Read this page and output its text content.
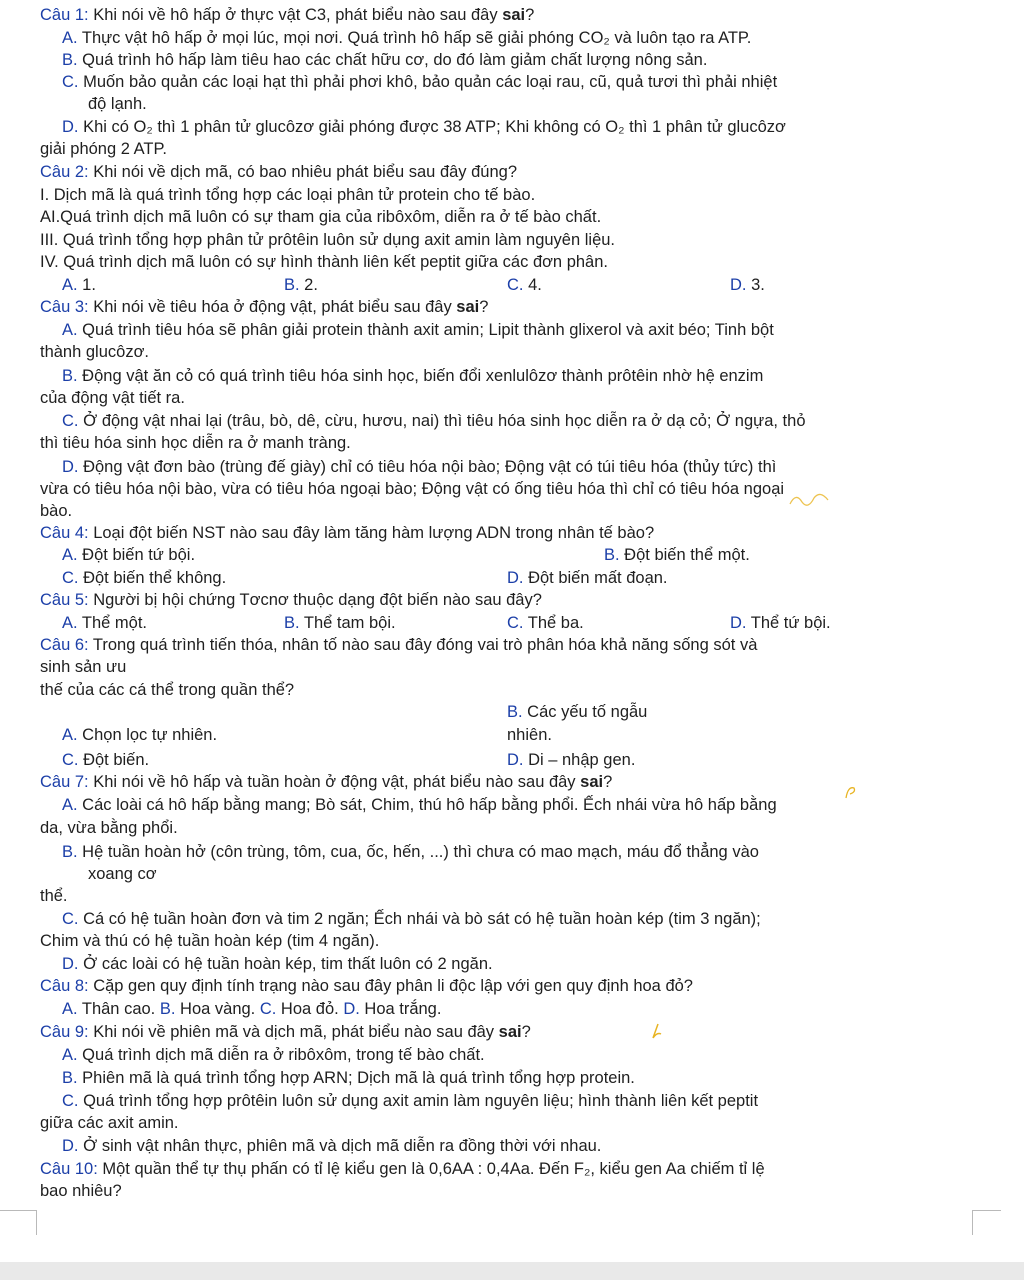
Câu 1: Khi nói về hô hấp ở thực vật C3, phát biểu nào sau đây sai?
A. Thực vật hô hấp ở mọi lúc, mọi nơi. Quá trình hô hấp sẽ giải phóng CO₂ và luôn tạo ra ATP.
B. Quá trình hô hấp làm tiêu hao các chất hữu cơ, do đó làm giảm chất lượng nông sản.
C. Muốn bảo quản các loại hạt thì phải phơi khô, bảo quản các loại rau, cũ, quả tươi thì phải nhiệt
độ lạnh.
D. Khi có O₂ thì 1 phân tử glucôzơ giải phóng được 38 ATP; Khi không có O₂ thì 1 phân tử glucôzơ
giải phóng 2 ATP.
Câu 2: Khi nói về dịch mã, có bao nhiêu phát biểu sau đây đúng?
I. Dịch mã là quá trình tổng hợp các loại phân tử protein cho tế bào.
AI.Quá trình dịch mã luôn có sự tham gia của ribôxôm, diễn ra ở tế bào chất.
III. Quá trình tổng hợp phân tử prôtêin luôn sử dụng axit amin làm nguyên liệu.
IV. Quá trình dịch mã luôn có sự hình thành liên kết peptit giữa các đơn phân.
A. 1.	B. 2.	C. 4.	D. 3.
Câu 3: Khi nói về tiêu hóa ở động vật, phát biểu sau đây sai?
A. Quá trình tiêu hóa sẽ phân giải protein thành axit amin; Lipit thành glixerol và axit béo; Tinh bột
thành glucôzơ.
B. Động vật ăn cỏ có quá trình tiêu hóa sinh học, biến đổi xenlulôzơ thành prôtêin nhờ hệ enzim
của động vật tiết ra.
C. Ở động vật nhai lại (trâu, bò, dê, cừu, hươu, nai) thì tiêu hóa sinh học diễn ra ở dạ cỏ; Ở ngựa, thỏ
thì tiêu hóa sinh học diễn ra ở manh tràng.
D. Động vật đơn bào (trùng đế giày) chỉ có tiêu hóa nội bào; Động vật có túi tiêu hóa (thủy tức) thì
vừa có tiêu hóa nội bào, vừa có tiêu hóa ngoại bào; Động vật có ống tiêu hóa thì chỉ có tiêu hóa ngoại
bào.
Câu 4: Loại đột biến NST nào sau đây làm tăng hàm lượng ADN trong nhân tế bào?
A. Đột biến tứ bội.	B. Đột biến thể một.
C. Đột biến thể không.	D. Đột biến mất đoạn.
Câu 5: Người bị hội chứng Tơcnơ thuộc dạng đột biến nào sau đây?
A. Thể một.	B. Thể tam bội.	C. Thể ba.	D. Thể tứ bội.
Câu 6: Trong quá trình tiến thóa, nhân tố nào sau đây đóng vai trò phân hóa khả năng sống sót và
sinh sản ưu
thế của các cá thể trong quần thể?
B. Các yếu tố ngẫu
A. Chọn lọc tự nhiên.	nhiên.
C. Đột biến.	D. Di – nhập gen.
Câu 7: Khi nói về hô hấp và tuần hoàn ở động vật, phát biểu nào sau đây sai?
A. Các loài cá hô hấp bằng mang; Bò sát, Chim, thú hô hấp bằng phổi. Ếch nhái vừa hô hấp bằng
da, vừa bằng phổi.
B. Hệ tuần hoàn hở (côn trùng, tôm, cua, ốc, hến, ...) thì chưa có mao mạch, máu đổ thẳng vào
xoang cơ
thể.
C. Cá có hệ tuần hoàn đơn và tim 2 ngăn; Ếch nhái và bò sát có hệ tuần hoàn kép (tim 3 ngăn);
Chim và thú có hệ tuần hoàn kép (tim 4 ngăn).
D. Ở các loài có hệ tuần hoàn kép, tim thất luôn có 2 ngăn.
Câu 8: Cặp gen quy định tính trạng nào sau đây phân li độc lập với gen quy định hoa đỏ?
A. Thân cao. B. Hoa vàng. C. Hoa đỏ. D. Hoa trắng.
Câu 9: Khi nói về phiên mã và dịch mã, phát biểu nào sau đây sai?
A. Quá trình dịch mã diễn ra ở ribôxôm, trong tế bào chất.
B. Phiên mã là quá trình tổng hợp ARN; Dịch mã là quá trình tổng hợp protein.
C. Quá trình tổng hợp prôtêin luôn sử dụng axit amin làm nguyên liệu; hình thành liên kết peptit
giữa các axit amin.
D. Ở sinh vật nhân thực, phiên mã và dịch mã diễn ra đồng thời với nhau.
Câu 10: Một quần thể tự thụ phấn có tỉ lệ kiểu gen là 0,6AA : 0,4Aa. Đến F₂, kiểu gen Aa chiếm tỉ lệ
bao nhiêu?
